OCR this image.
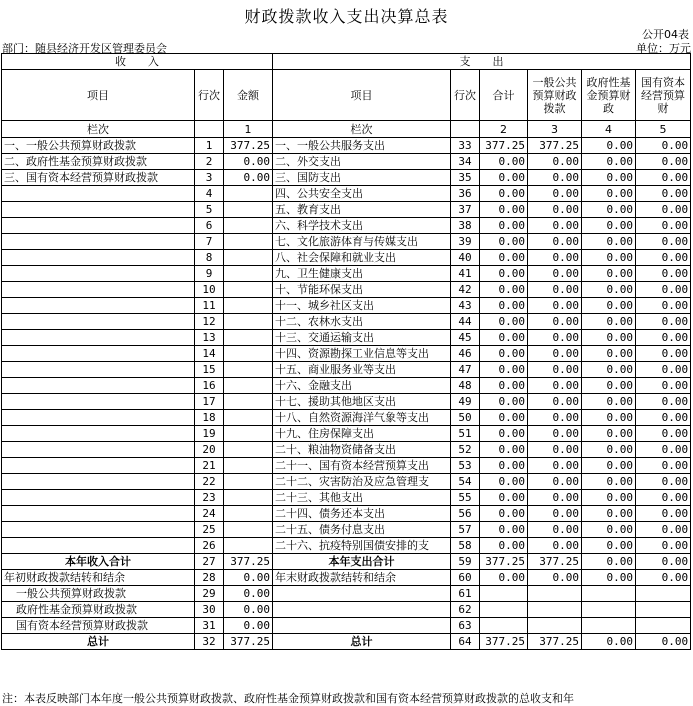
财政拨款收入支出决算总表
公开04表
部门：随县经济开发区管理委员会	单位：万元
收　　入			支　　出					
项目	行次	金额	项目	行次	合计	一般公共预算财政拨款	政府性基金预算财政	国有资本经营预算财
栏次		1	栏次		2	3	4	5
一、一般公共预算财政拨款	1	377.25	一、一般公共服务支出	33	377.25	377.25	0.00	0.00
二、政府性基金预算财政拨款	2	0.00	二、外交支出	34	0.00	0.00	0.00	0.00
三、国有资本经营预算财政拨款	3	0.00	三、国防支出	35	0.00	0.00	0.00	0.00
	4		四、公共安全支出	36	0.00	0.00	0.00	0.00
	5		五、教育支出	37	0.00	0.00	0.00	0.00
	6		六、科学技术支出	38	0.00	0.00	0.00	0.00
	7		七、文化旅游体育与传媒支出	39	0.00	0.00	0.00	0.00
	8		八、社会保障和就业支出	40	0.00	0.00	0.00	0.00
	9		九、卫生健康支出	41	0.00	0.00	0.00	0.00
	10		十、节能环保支出	42	0.00	0.00	0.00	0.00
	11		十一、城乡社区支出	43	0.00	0.00	0.00	0.00
	12		十二、农林水支出	44	0.00	0.00	0.00	0.00
	13		十三、交通运输支出	45	0.00	0.00	0.00	0.00
	14		十四、资源勘探工业信息等支出	46	0.00	0.00	0.00	0.00
	15		十五、商业服务业等支出	47	0.00	0.00	0.00	0.00
	16		十六、金融支出	48	0.00	0.00	0.00	0.00
	17		十七、援助其他地区支出	49	0.00	0.00	0.00	0.00
	18		十八、自然资源海洋气象等支出	50	0.00	0.00	0.00	0.00
	19		十九、住房保障支出	51	0.00	0.00	0.00	0.00
	20		二十、粮油物资储备支出	52	0.00	0.00	0.00	0.00
	21		二十一、国有资本经营预算支出	53	0.00	0.00	0.00	0.00
	22		二十二、灾害防治及应急管理支	54	0.00	0.00	0.00	0.00
	23		二十三、其他支出	55	0.00	0.00	0.00	0.00
	24		二十四、债务还本支出	56	0.00	0.00	0.00	0.00
	25		二十五、债务付息支出	57	0.00	0.00	0.00	0.00
	26		二十六、抗疫特别国债安排的支	58	0.00	0.00	0.00	0.00
本年收入合计	27	377.25	本年支出合计	59	377.25	377.25	0.00	0.00
年初财政拨款结转和结余	28	0.00	年末财政拨款结转和结余	60	0.00	0.00	0.00	0.00
一般公共预算财政拨款	29	0.00		61				
政府性基金预算财政拨款	30	0.00		62				
国有资本经营预算财政拨款	31	0.00		63				
总计	32	377.25	总计	64	377.25	377.25	0.00	0.00
注：本表反映部门本年度一般公共预算财政拨款、政府性基金预算财政拨款和国有资本经营预算财政拨款的总收支和年
